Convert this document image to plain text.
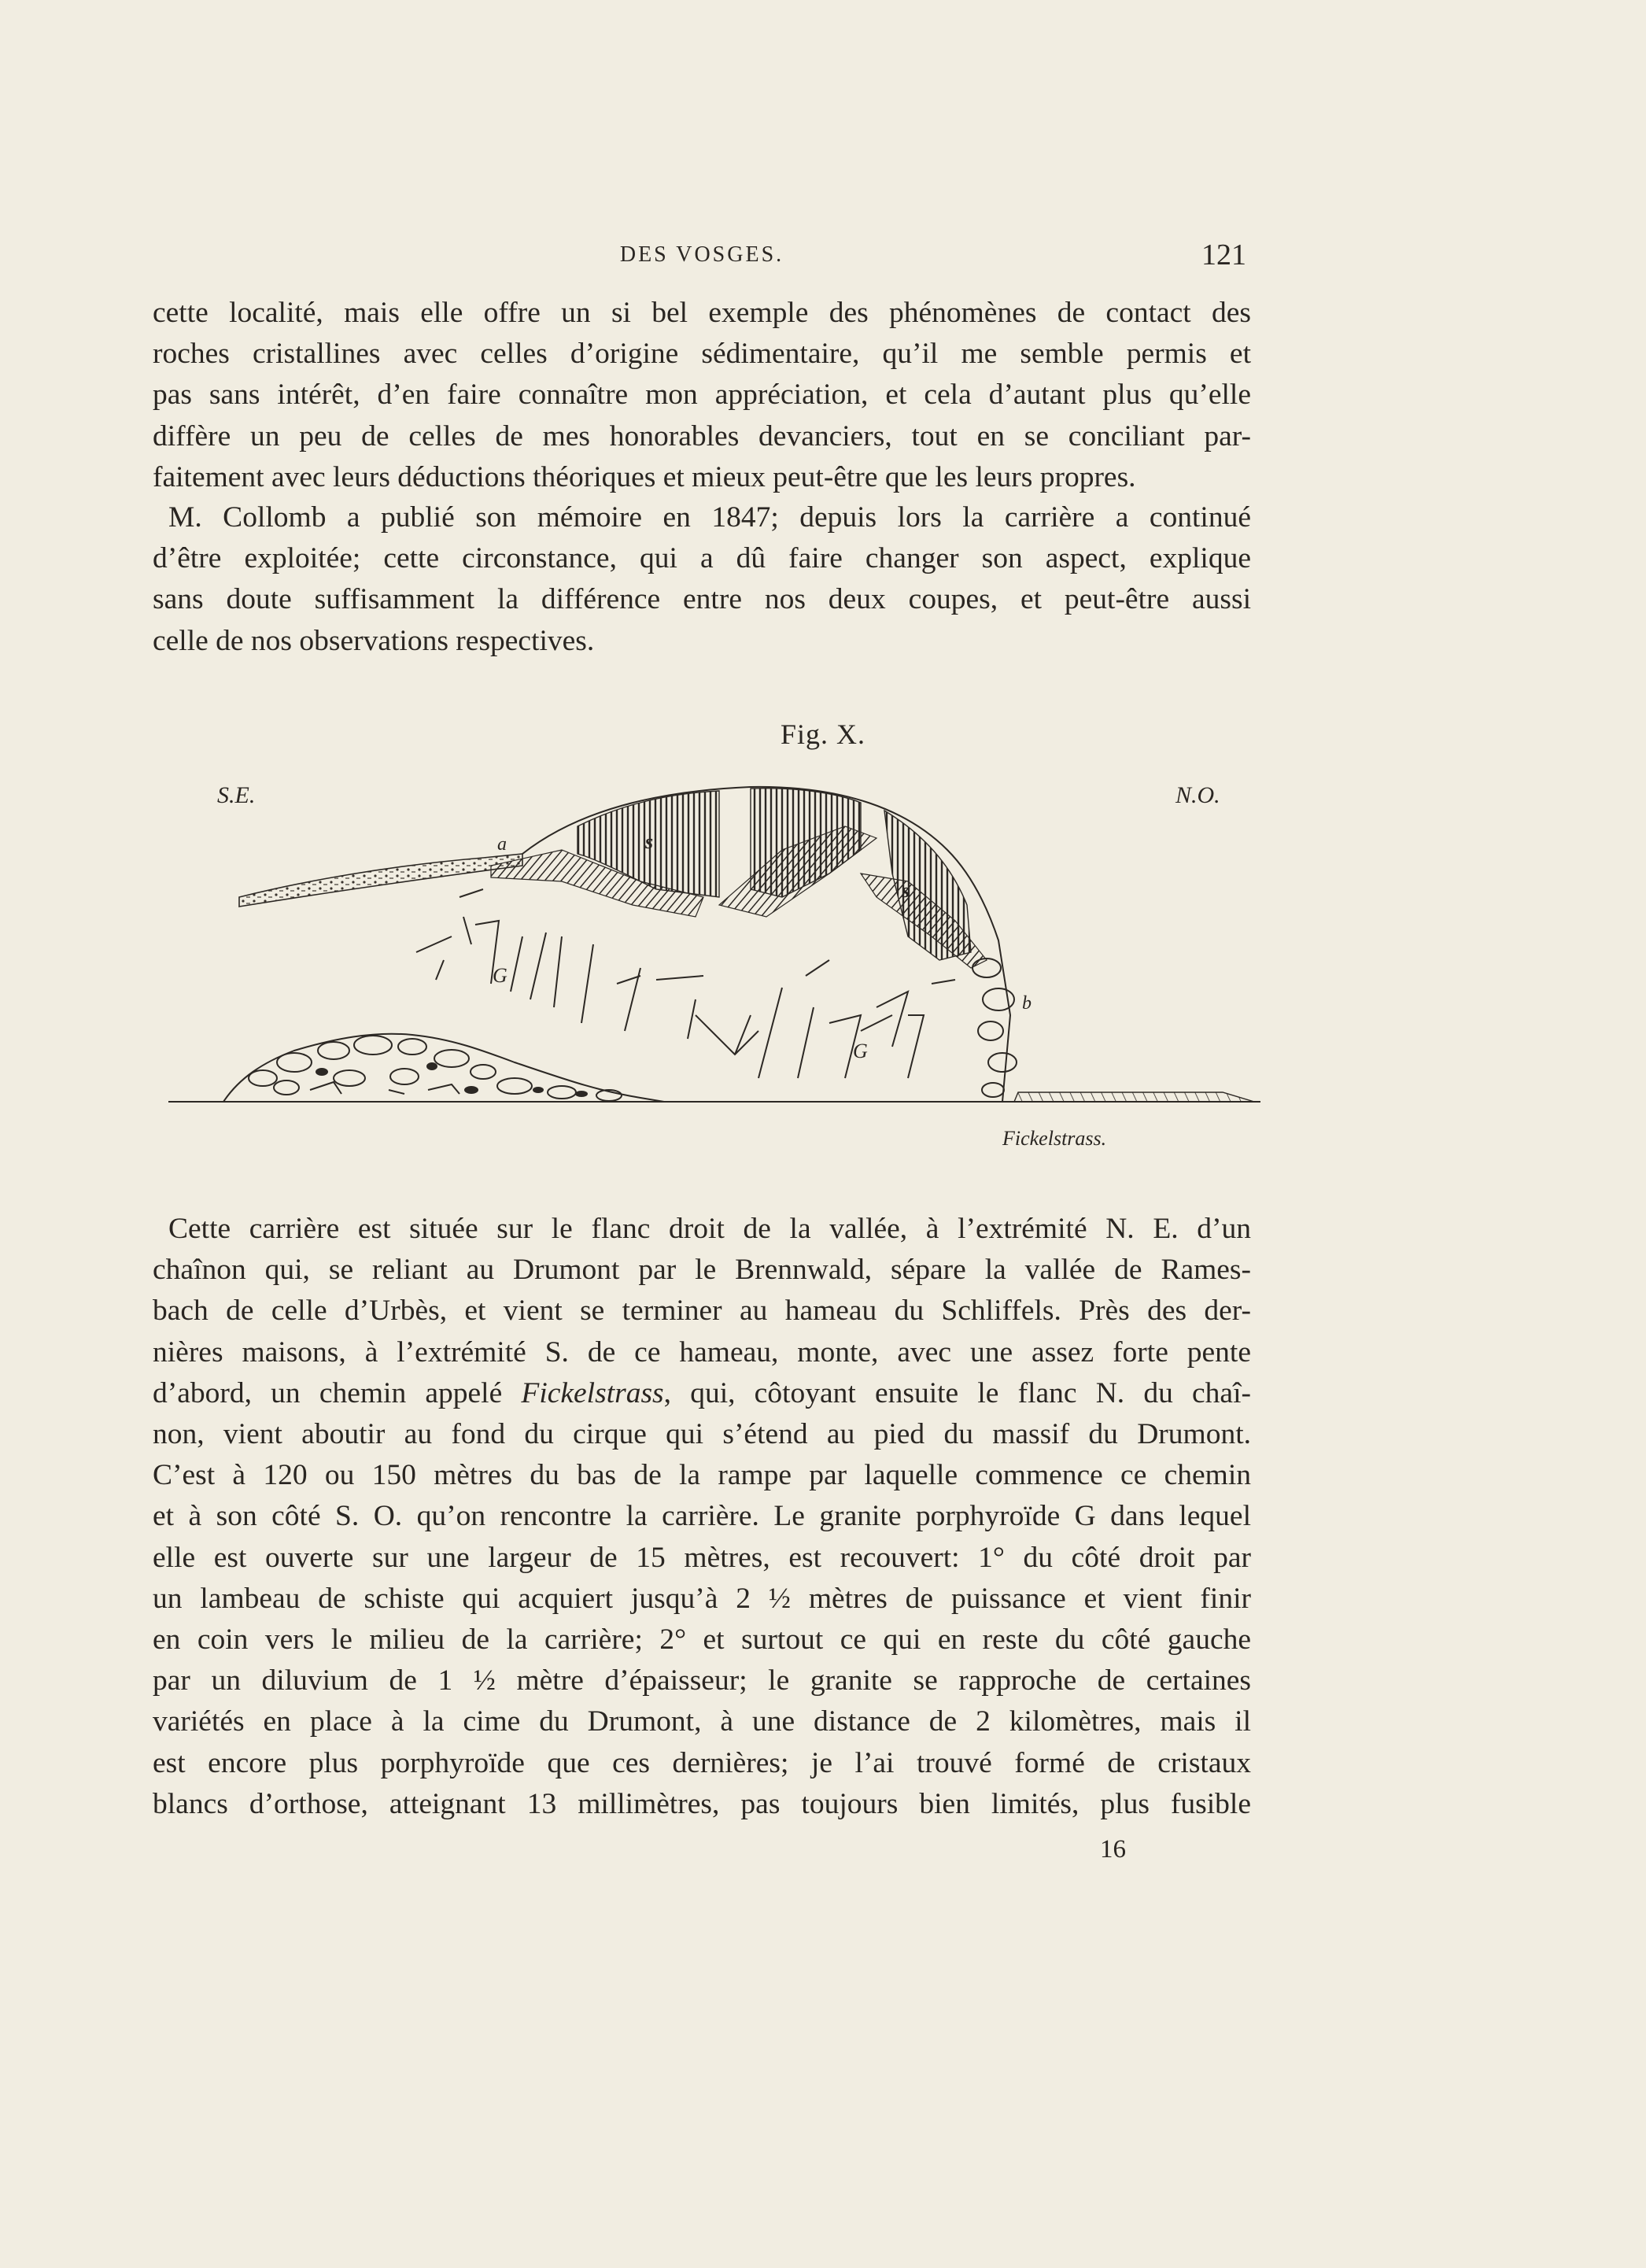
DES VOSGES.	121
cette localité, mais elle offre un si bel exemple des phénomènes de contact des
roches cristallines avec celles d’origine sédimentaire, qu’il me semble permis et
pas sans intérêt, d’en faire connaître mon appréciation, et cela d’autant plus qu’elle
diffère un peu de celles de mes honorables devanciers, tout en se conciliant par-
faitement avec leurs déductions théoriques et mieux peut-être que les leurs propres.
M. Collomb a publié son mémoire en 1847; depuis lors la carrière a continué
d’être exploitée; cette circonstance, qui a dû faire changer son aspect, explique
sans doute suffisamment la différence entre nos deux coupes, et peut-être aussi
celle de nos observations respectives.
Fig. X.
S.E.	N.O.
a	s
s
G
G
b
Fickelstrass.
Cette carrière est située sur le flanc droit de la vallée, à l’extrémité N. E. d’un
chaînon qui, se reliant au Drumont par le Brennwald, sépare la vallée de Rames-
bach de celle d’Urbès, et vient se terminer au hameau du Schliffels. Près des der-
nières maisons, à l’extrémité S. de ce hameau, monte, avec une assez forte pente
d’abord, un chemin appelé Fickelstrass, qui, côtoyant ensuite le flanc N. du chaî-
non, vient aboutir au fond du cirque qui s’étend au pied du massif du Drumont.
C’est à 120 ou 150 mètres du bas de la rampe par laquelle commence ce chemin
et à son côté S. O. qu’on rencontre la carrière. Le granite porphyroïde G dans lequel
elle est ouverte sur une largeur de 15 mètres, est recouvert: 1° du côté droit par
un lambeau de schiste qui acquiert jusqu’à 2 ½ mètres de puissance et vient finir
en coin vers le milieu de la carrière; 2° et surtout ce qui en reste du côté gauche
par un diluvium de 1 ½ mètre d’épaisseur; le granite se rapproche de certaines
variétés en place à la cime du Drumont, à une distance de 2 kilomètres, mais il
est encore plus porphyroïde que ces dernières; je l’ai trouvé formé de cristaux
blancs d’orthose, atteignant 13 millimètres, pas toujours bien limités, plus fusible
16
